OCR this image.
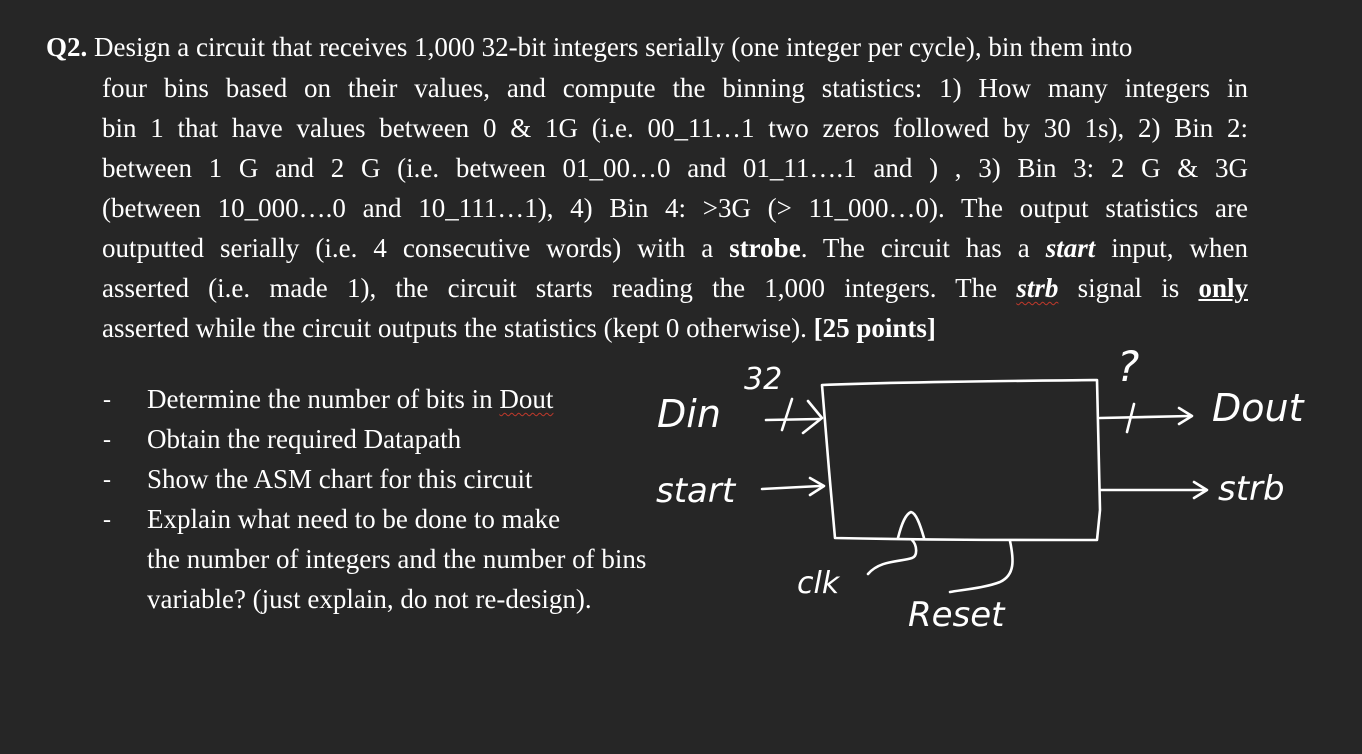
Q2. Design a circuit that receives 1,000 32-bit integers serially (one integer per cycle), bin them into
four bins based on their values, and compute the binning statistics: 1) How many integers in
bin 1 that have values between 0 & 1G (i.e. 00_11…1 two zeros followed by 30 1s), 2) Bin 2:
between 1 G and 2 G (i.e. between 01_00…0 and 01_11….1 and ) , 3) Bin 3: 2 G & 3G
(between 10_000….0 and 10_111…1), 4) Bin 4: >3G (> 11_000…0). The output statistics are
outputted serially (i.e. 4 consecutive words) with a strobe. The circuit has a start input, when
asserted (i.e. made 1), the circuit starts reading the 1,000 integers. The strb signal is only
asserted while the circuit outputs the statistics (kept 0 otherwise). [25 points]
- Determine the number of bits in Dout
- Obtain the required Datapath
- Show the ASM chart for this circuit
- Explain what need to be done to make
the number of integers and the number of bins
variable? (just explain, do not re-design).
Din
32
start
?
Dout
strb
clk
Reset
